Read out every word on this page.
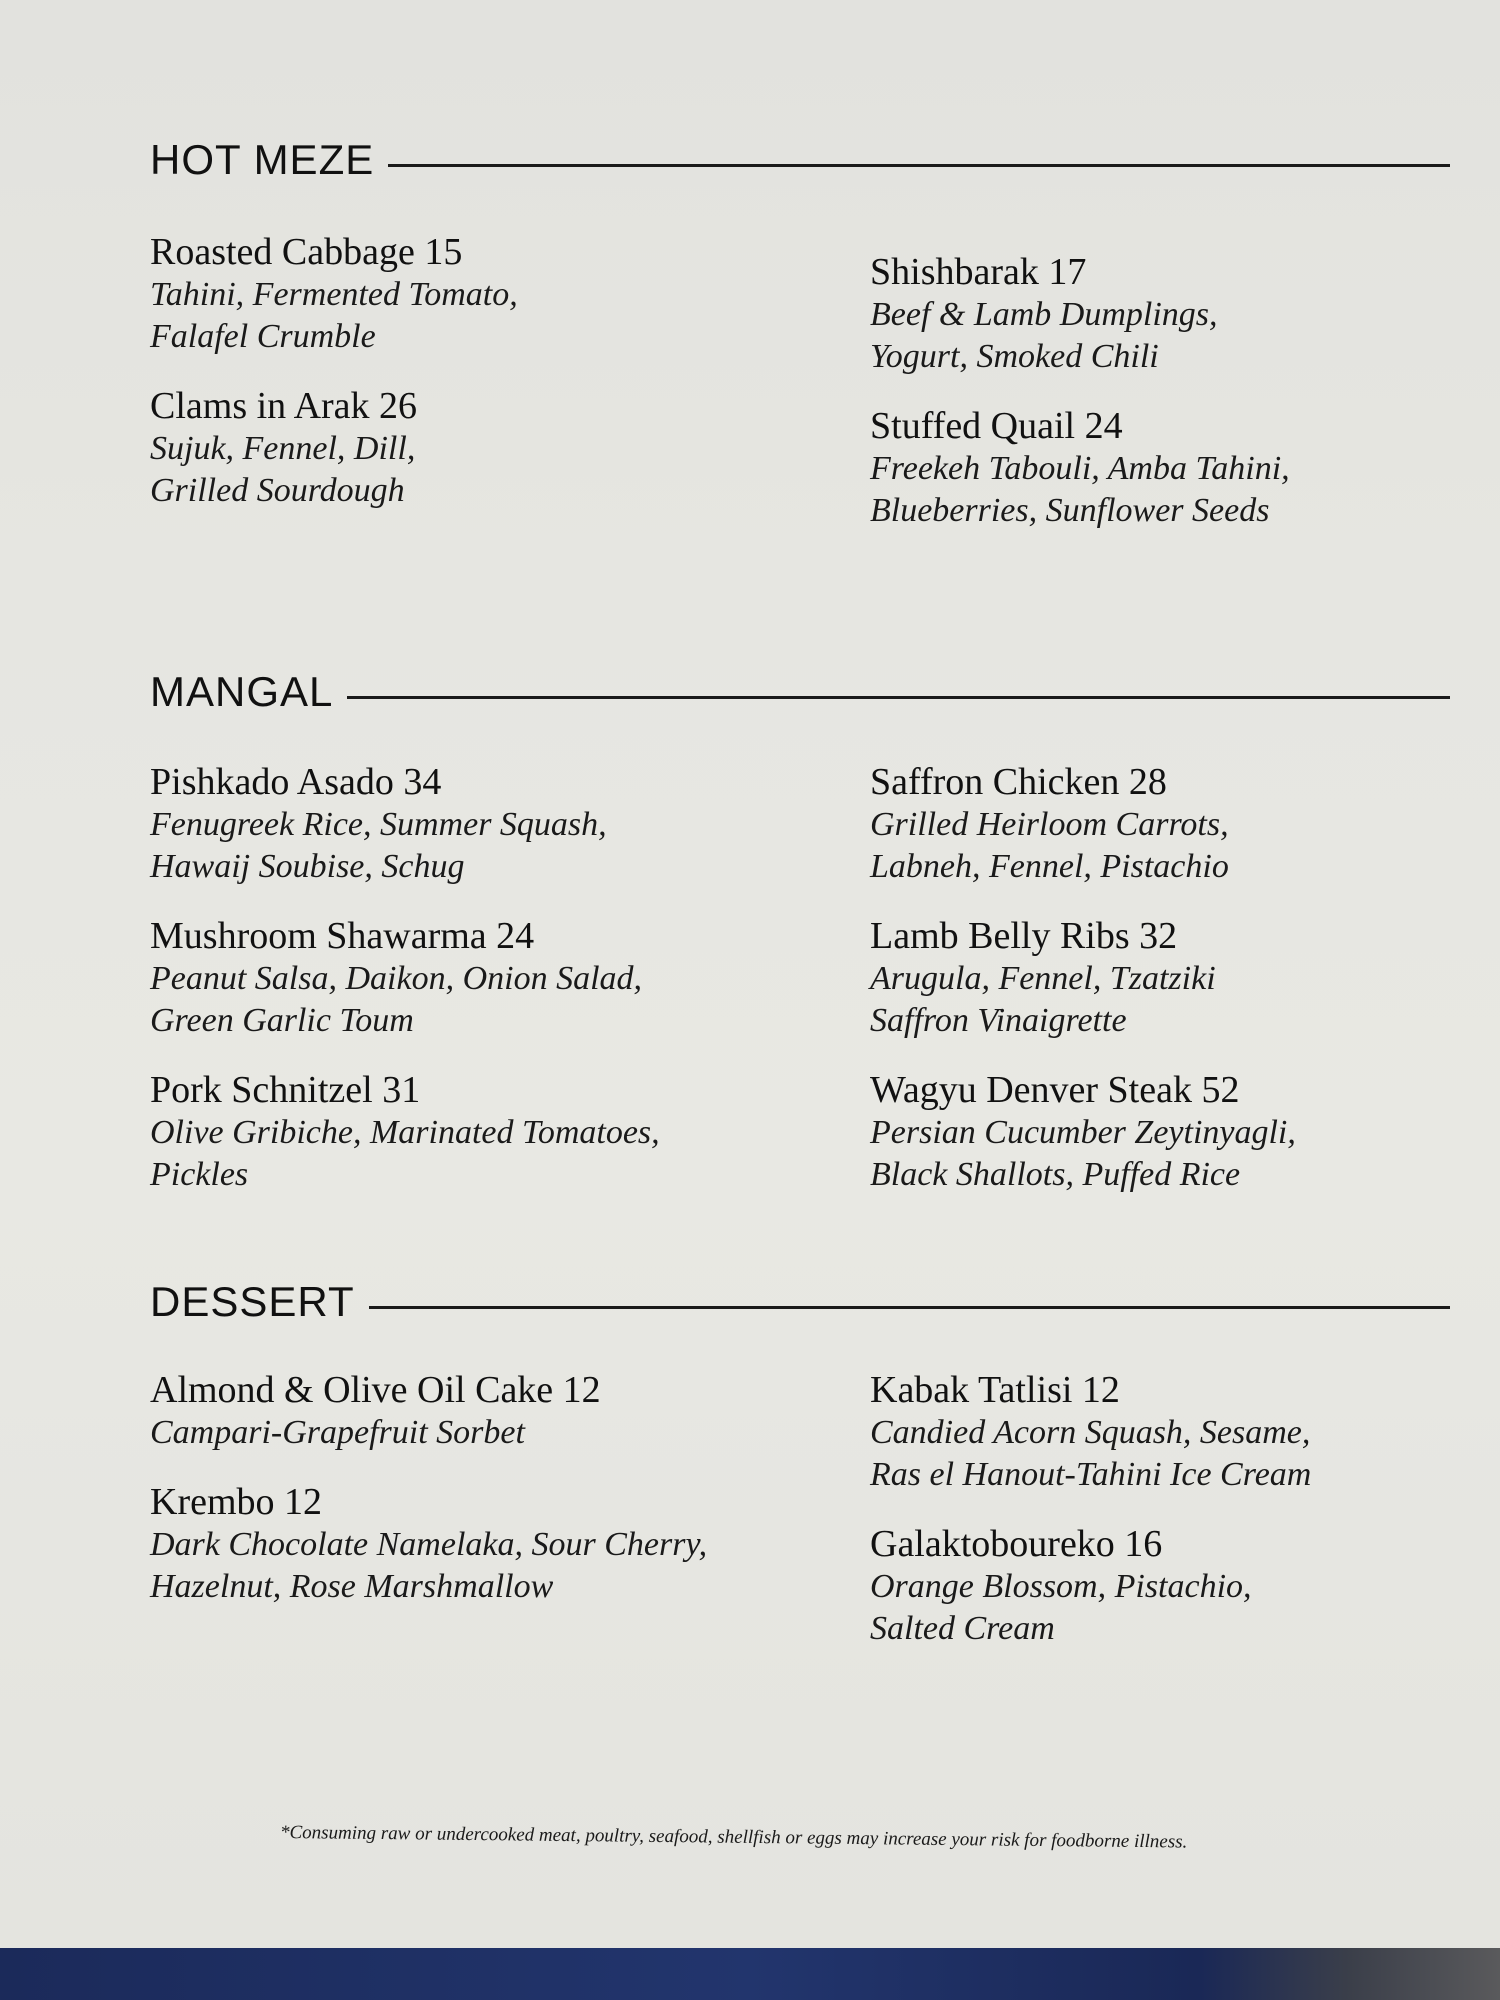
HOT MEZE
Roasted Cabbage 15
Tahini, Fermented Tomato,
Falafel Crumble
Clams in Arak 26
Sujuk, Fennel, Dill,
Grilled Sourdough
Shishbarak 17
Beef & Lamb Dumplings,
Yogurt, Smoked Chili
Stuffed Quail 24
Freekeh Tabouli, Amba Tahini,
Blueberries, Sunflower Seeds
MANGAL
Pishkado Asado 34
Fenugreek Rice, Summer Squash,
Hawaij Soubise, Schug
Mushroom Shawarma 24
Peanut Salsa, Daikon, Onion Salad,
Green Garlic Toum
Pork Schnitzel 31
Olive Gribiche, Marinated Tomatoes,
Pickles
Saffron Chicken 28
Grilled Heirloom Carrots,
Labneh, Fennel, Pistachio
Lamb Belly Ribs 32
Arugula, Fennel, Tzatziki
Saffron Vinaigrette
Wagyu Denver Steak 52
Persian Cucumber Zeytinyagli,
Black Shallots, Puffed Rice
DESSERT
Almond & Olive Oil Cake 12
Campari-Grapefruit Sorbet
Krembo 12
Dark Chocolate Namelaka, Sour Cherry,
Hazelnut, Rose Marshmallow
Kabak Tatlisi 12
Candied Acorn Squash, Sesame,
Ras el Hanout-Tahini Ice Cream
Galaktoboureko 16
Orange Blossom, Pistachio,
Salted Cream
*Consuming raw or undercooked meat, poultry, seafood, shellfish or eggs may increase your risk for foodborne illness.
